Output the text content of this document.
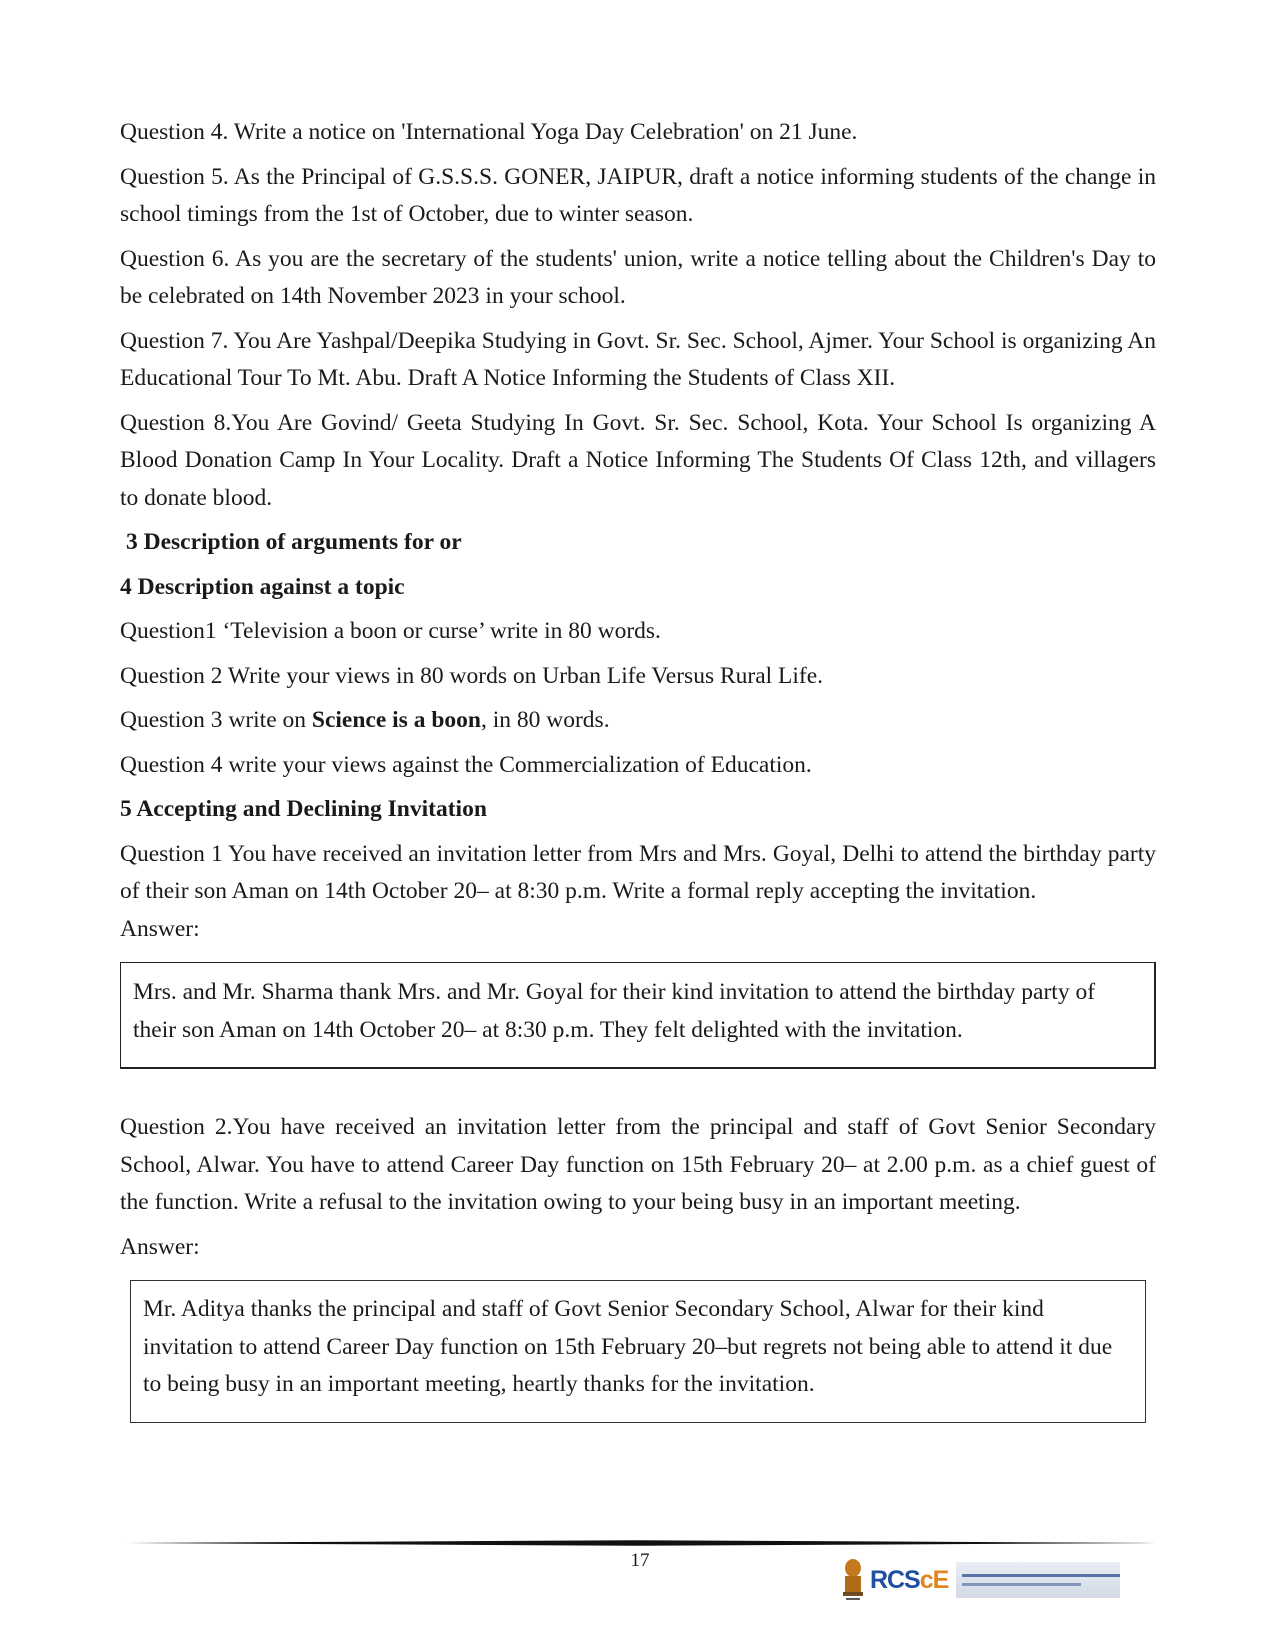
Question 4. Write a notice on 'International Yoga Day Celebration' on 21 June.

Question 5. As the Principal of G.S.S.S. GONER, JAIPUR, draft a notice informing students of the change in school timings from the 1st of October, due to winter season.

Question 6. As you are the secretary of the students' union, write a notice telling about the Children's Day to be celebrated on 14th November 2023 in your school.

Question 7. You Are Yashpal/Deepika Studying in Govt. Sr. Sec. School, Ajmer. Your School is organizing An Educational Tour To Mt. Abu. Draft A Notice Informing the Students of Class XII.

Question 8.You Are Govind/ Geeta Studying In Govt. Sr. Sec. School, Kota. Your School Is organizing A Blood Donation Camp In Your Locality. Draft a Notice Informing The Students Of Class 12th, and villagers to donate blood.

3 Description of arguments for or

4 Description against a topic

Question1 ‘Television a boon or curse’ write in 80 words.

Question 2 Write your views in 80 words on Urban Life Versus Rural Life.

Question 3 write on Science is a boon, in 80 words.

Question 4 write your views against the Commercialization of Education.

5 Accepting and Declining Invitation

Question 1 You have received an invitation letter from Mrs and Mrs. Goyal, Delhi to attend the birthday party of their son Aman on 14th October 20– at 8:30 p.m. Write a formal reply accepting the invitation.

Answer:

Mrs. and Mr. Sharma thank Mrs. and Mr. Goyal for their kind invitation to attend the birthday party of their son Aman on 14th October 20– at 8:30 p.m. They felt delighted with the invitation.

Question 2.You have received an invitation letter from the principal and staff of Govt Senior Secondary School, Alwar. You have to attend Career Day function on 15th February 20– at 2.00 p.m. as a chief guest of the function. Write a refusal to the invitation owing to your being busy in an important meeting.

Answer:

Mr. Aditya thanks the principal and staff of Govt Senior Secondary School, Alwar for their kind invitation to attend Career Day function on 15th February 20–but regrets not being able to attend it due to being busy in an important meeting, heartly thanks for the invitation.

17
RCScE
